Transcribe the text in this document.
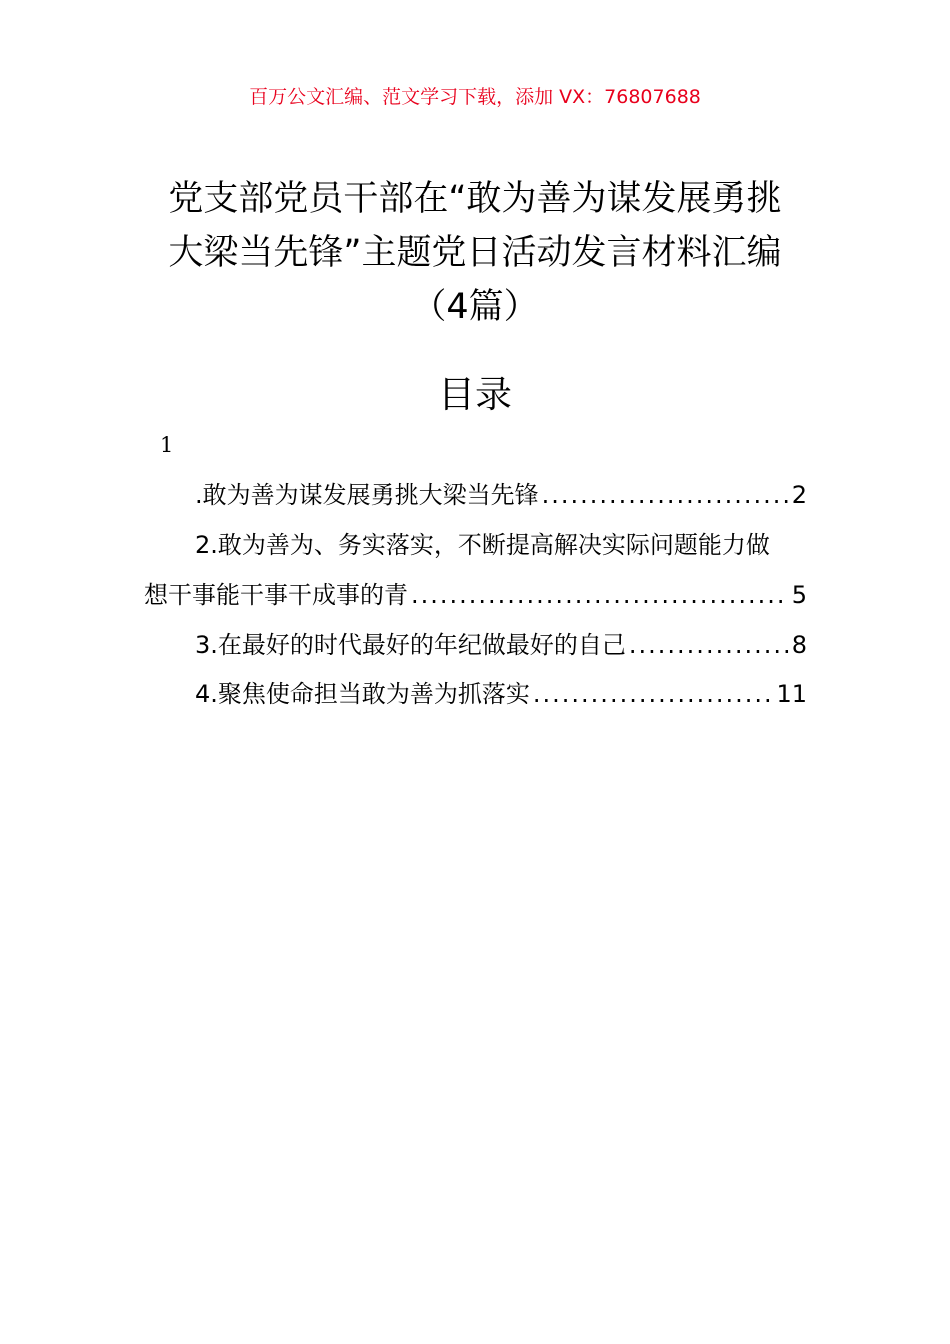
百万公文汇编、范文学习下载，添加 VX：76807688
党支部党员干部在“敢为善为谋发展勇挑
大梁当先锋”主题党日活动发言材料汇编
（4篇）
目录
1
.敢为善为谋发展勇挑大梁当先锋 .....	2
2.敢为善为、务实落实，不断提高解决实际问题能力做
想干事能干事干成事的青 .....	5
3.在最好的时代最好的年纪做最好的自己 .....	8
4.聚焦使命担当敢为善为抓落实 .....	11
